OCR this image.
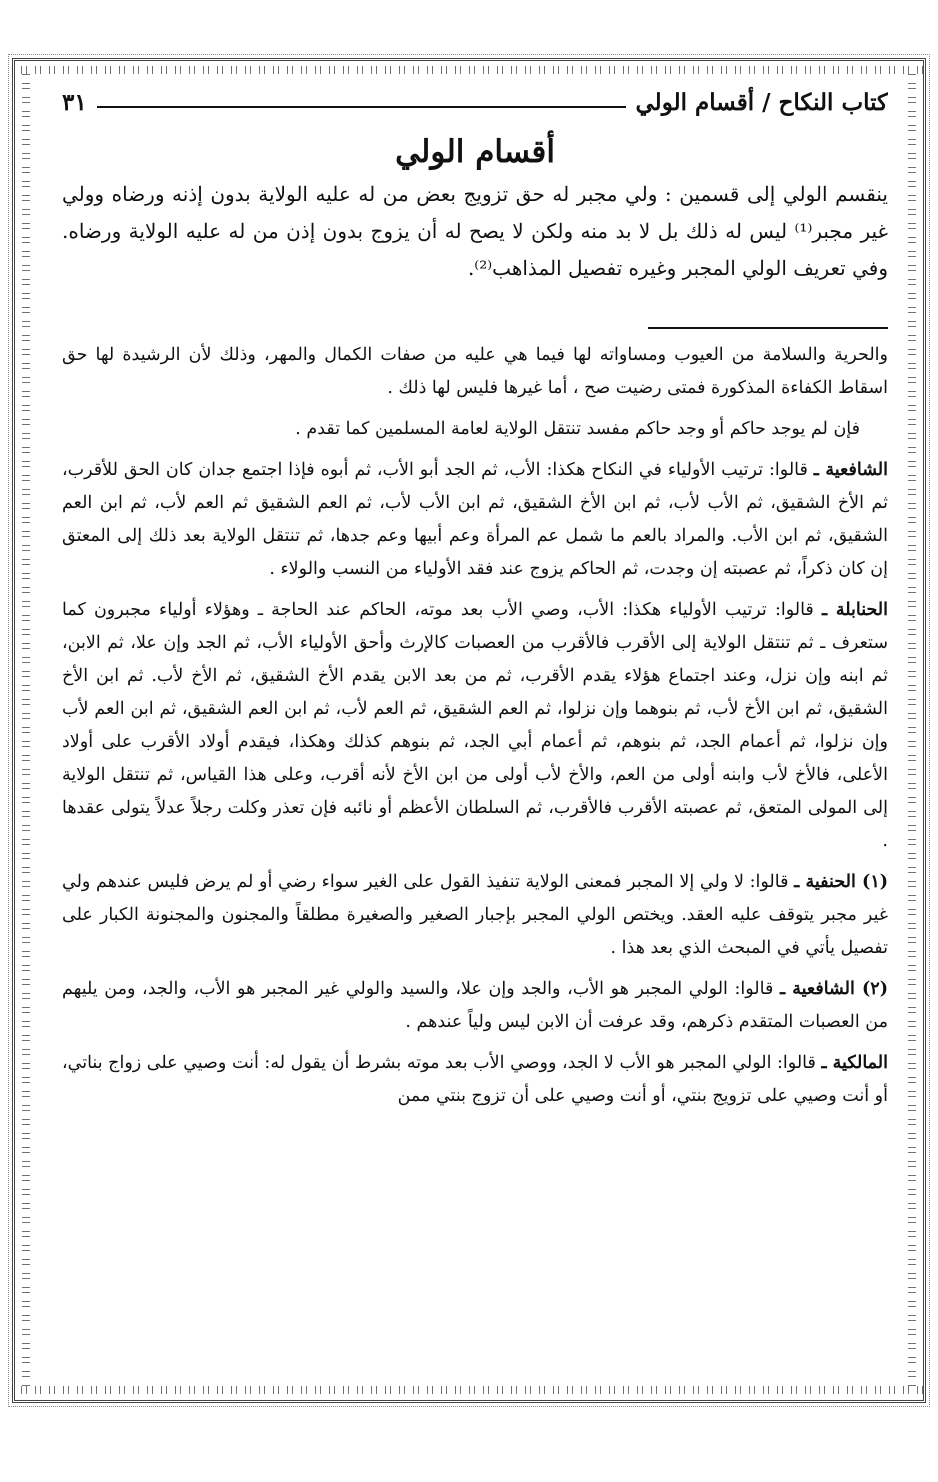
كتاب النكاح / أقسام الولي
٣١
أقسام الولي

ينقسم الولي إلى قسمين : ولي مجبر له حق تزويج بعض من له عليه الولاية بدون إذنه ورضاه وولي غير مجبر⁽¹⁾ ليس له ذلك بل لا بد منه ولكن لا يصح له أن يزوج بدون إذن من له عليه الولاية ورضاه. وفي تعريف الولي المجبر وغيره تفصيل المذاهب⁽²⁾.

والحرية والسلامة من العيوب ومساواته لها فيما هي عليه من صفات الكمال والمهر، وذلك لأن الرشيدة لها حق اسقاط الكفاءة المذكورة فمتى رضيت صح ، أما غيرها فليس لها ذلك .

فإن لم يوجد حاكم أو وجد حاكم مفسد تنتقل الولاية لعامة المسلمين كما تقدم .

الشافعية ـ قالوا: ترتيب الأولياء في النكاح هكذا: الأب، ثم الجد أبو الأب، ثم أبوه فإذا اجتمع جدان كان الحق للأقرب، ثم الأخ الشقيق، ثم الأب لأب، ثم ابن الأخ الشقيق، ثم ابن الأب لأب، ثم العم الشقيق ثم العم لأب، ثم ابن العم الشقيق، ثم ابن الأب. والمراد بالعم ما شمل عم المرأة وعم أبيها وعم جدها، ثم تنتقل الولاية بعد ذلك إلى المعتق إن كان ذكراً، ثم عصبته إن وجدت، ثم الحاكم يزوج عند فقد الأولياء من النسب والولاء .

الحنابلة ـ قالوا: ترتيب الأولياء هكذا: الأب، وصي الأب بعد موته، الحاكم عند الحاجة ـ وهؤلاء أولياء مجبرون كما ستعرف ـ ثم تنتقل الولاية إلى الأقرب فالأقرب من العصبات كالإرث وأحق الأولياء الأب، ثم الجد وإن علا، ثم الابن، ثم ابنه وإن نزل، وعند اجتماع هؤلاء يقدم الأقرب، ثم من بعد الابن يقدم الأخ الشقيق، ثم الأخ لأب. ثم ابن الأخ الشقيق، ثم ابن الأخ لأب، ثم بنوهما وإن نزلوا، ثم العم الشقيق، ثم العم لأب، ثم ابن العم الشقيق، ثم ابن العم لأب وإن نزلوا، ثم أعمام الجد، ثم بنوهم، ثم أعمام أبي الجد، ثم بنوهم كذلك وهكذا، فيقدم أولاد الأقرب على أولاد الأعلى، فالأخ لأب وابنه أولى من العم، والأخ لأب أولى من ابن الأخ لأنه أقرب، وعلى هذا القياس، ثم تنتقل الولاية إلى المولى المتعق، ثم عصبته الأقرب فالأقرب، ثم السلطان الأعظم أو نائبه فإن تعذر وكلت رجلاً عدلاً يتولى عقدها .

(١) الحنفية ـ قالوا: لا ولي إلا المجبر فمعنى الولاية تنفيذ القول على الغير سواء رضي أو لم يرض فليس عندهم ولي غير مجبر يتوقف عليه العقد. ويختص الولي المجبر بإجبار الصغير والصغيرة مطلقاً والمجنون والمجنونة الكبار على تفصيل يأتي في المبحث الذي بعد هذا .

(٢) الشافعية ـ قالوا: الولي المجبر هو الأب، والجد وإن علا، والسيد والولي غير المجبر هو الأب، والجد، ومن يليهم من العصبات المتقدم ذكرهم، وقد عرفت أن الابن ليس ولياً عندهم .

المالكية ـ قالوا: الولي المجبر هو الأب لا الجد، ووصي الأب بعد موته بشرط أن يقول له: أنت وصيي على زواج بناتي، أو أنت وصيي على تزويج بنتي، أو أنت وصيي على أن تزوج بنتي ممن
